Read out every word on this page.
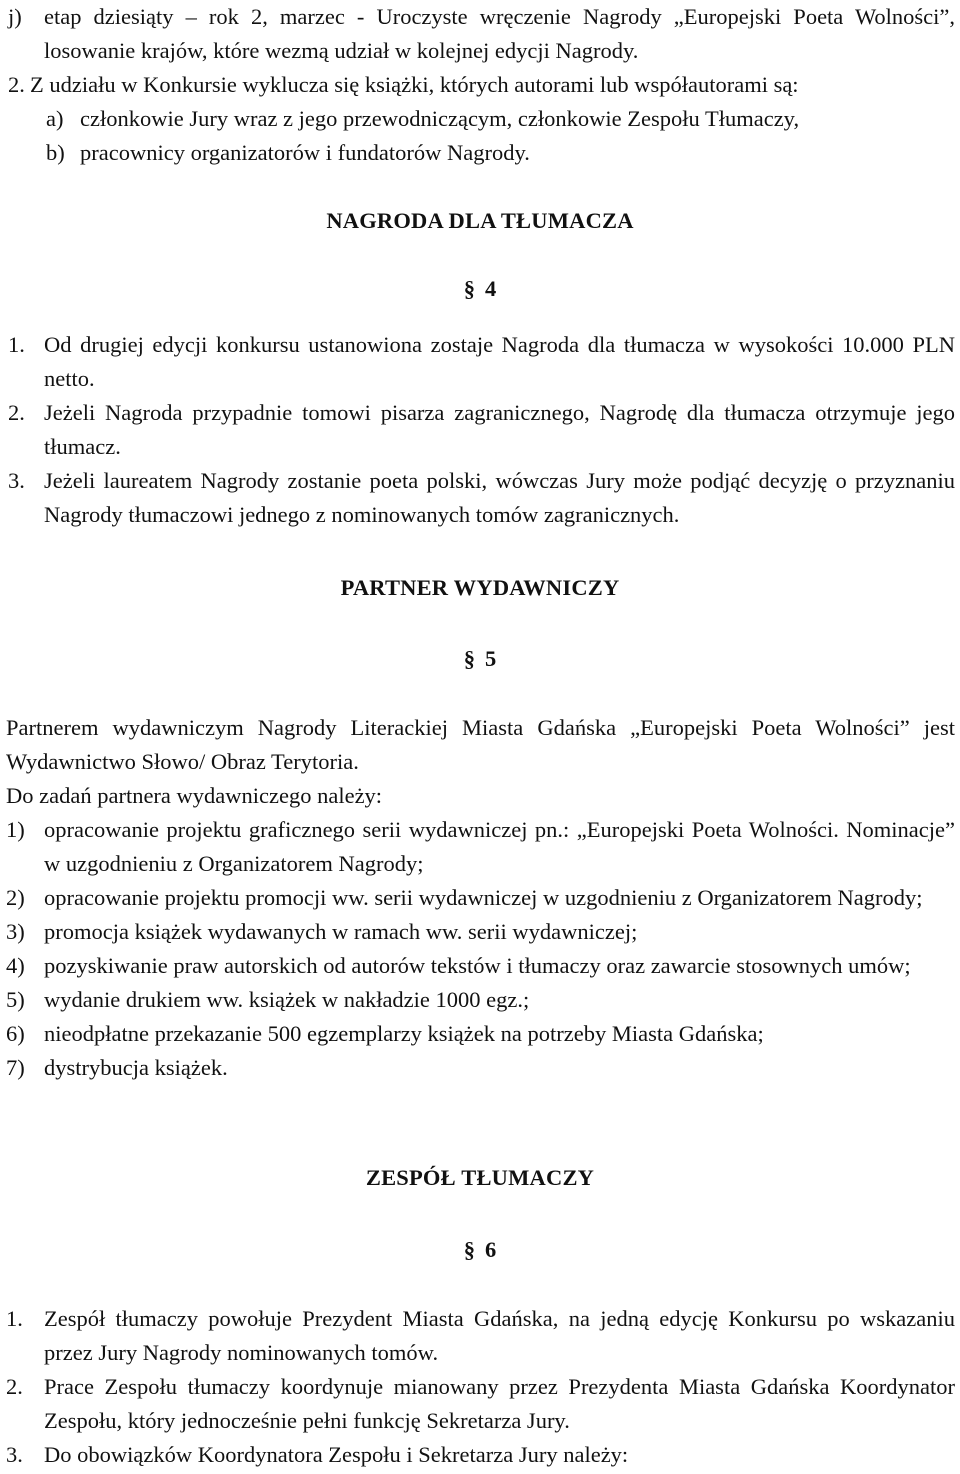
j) etap dziesiąty – rok 2, marzec - Uroczyste wręczenie Nagrody „Europejski Poeta Wolności”, losowanie krajów, które wezmą udział w kolejnej edycji Nagrody.
2. Z udziału w Konkursie wyklucza się książki, których autorami lub współautorami są:
a) członkowie Jury wraz z jego przewodniczącym, członkowie Zespołu Tłumaczy,
b) pracownicy organizatorów i fundatorów Nagrody.
NAGRODA DLA TŁUMACZA
§ 4
1. Od drugiej edycji konkursu ustanowiona zostaje Nagroda dla tłumacza w wysokości 10.000 PLN netto.
2. Jeżeli Nagroda przypadnie tomowi pisarza zagranicznego, Nagrodę dla tłumacza otrzymuje jego tłumacz.
3. Jeżeli laureatem Nagrody zostanie poeta polski, wówczas Jury może podjąć decyzję o przyznaniu Nagrody tłumaczowi jednego z nominowanych tomów zagranicznych.
PARTNER WYDAWNICZY
§ 5
Partnerem wydawniczym Nagrody Literackiej Miasta Gdańska „Europejski Poeta Wolności” jest Wydawnictwo Słowo/ Obraz Terytoria.
Do zadań partnera wydawniczego należy:
1) opracowanie projektu graficznego serii wydawniczej pn.: „Europejski Poeta Wolności. Nominacje” w uzgodnieniu z Organizatorem Nagrody;
2) opracowanie projektu promocji ww. serii wydawniczej w uzgodnieniu z Organizatorem Nagrody;
3) promocja książek wydawanych w ramach ww. serii wydawniczej;
4) pozyskiwanie praw autorskich od autorów tekstów i tłumaczy oraz zawarcie stosownych umów;
5) wydanie drukiem ww. książek w nakładzie 1000 egz.;
6) nieodpłatne przekazanie 500 egzemplarzy książek na potrzeby Miasta Gdańska;
7) dystrybucja książek.
ZESPÓŁ TŁUMACZY
§ 6
1. Zespół tłumaczy powołuje Prezydent Miasta Gdańska, na jedną edycję Konkursu po wskazaniu przez Jury Nagrody nominowanych tomów.
2. Prace Zespołu tłumaczy koordynuje mianowany przez Prezydenta Miasta Gdańska Koordynator Zespołu, który jednocześnie pełni funkcję Sekretarza Jury.
3. Do obowiązków Koordynatora Zespołu i Sekretarza Jury należy:
